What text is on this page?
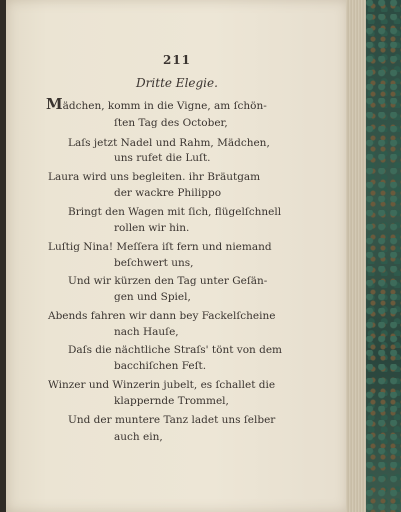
211
Dritte Elegie.
Mädchen, komm in die Vigne, am ſchön-
ſten Tag des October,
Laſs jetzt Nadel und Rahm, Mädchen,
uns rufet die Luſt.
Laura wird uns begleiten. ihr Bräutgam
der wackre Philippo
Bringt den Wagen mit ſich, flügelſchnell
rollen wir hin.
Luſtig Nina! Meſſera iſt fern und niemand
beſchwert uns,
Und wir kürzen den Tag unter Geſän-
gen und Spiel,
Abends fahren wir dann bey Fackelſcheine
nach Hauſe,
Daſs die nächtliche Straſs' tönt von dem
bacchiſchen Feſt.
Winzer und Winzerin jubelt, es ſchallet die
klappernde Trommel,
Und der muntere Tanz ladet uns ſelber
auch ein,
